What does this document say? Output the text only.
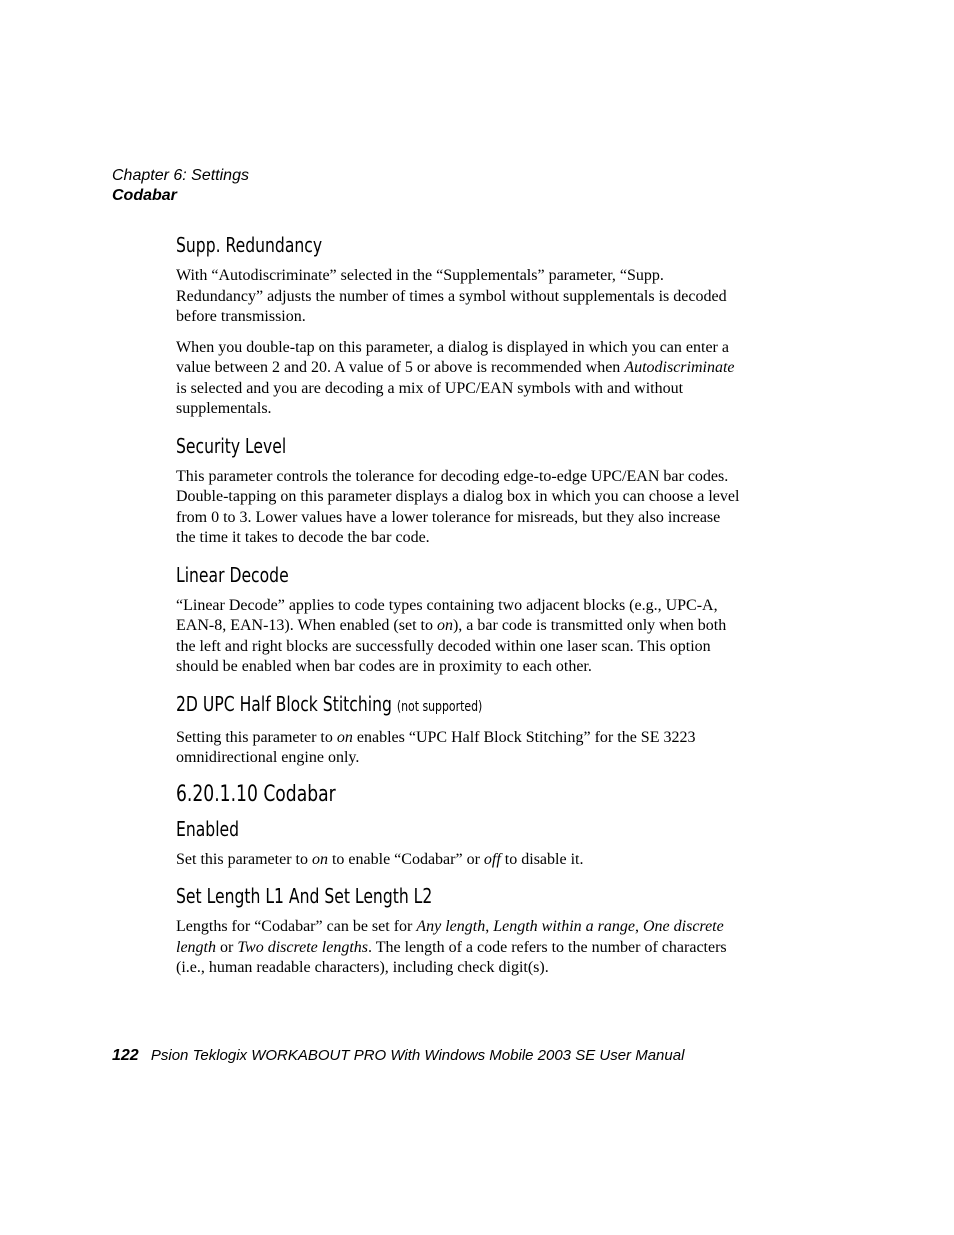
Chapter 6: Settings
Codabar
Supp. Redundancy

With “Autodiscriminate” selected in the “Supplementals” parameter, “Supp. Redundancy” adjusts the number of times a symbol without supplementals is decoded before transmission.

When you double-tap on this parameter, a dialog is displayed in which you can enter a value between 2 and 20. A value of 5 or above is recommended when Autodiscriminate is selected and you are decoding a mix of UPC/EAN symbols with and without supplementals.

Security Level

This parameter controls the tolerance for decoding edge-to-edge UPC/EAN bar codes. Double-tapping on this parameter displays a dialog box in which you can choose a level from 0 to 3. Lower values have a lower tolerance for misreads, but they also increase the time it takes to decode the bar code.

Linear Decode

“Linear Decode” applies to code types containing two adjacent blocks (e.g., UPC-A, EAN-8, EAN-13). When enabled (set to on), a bar code is transmitted only when both the left and right blocks are successfully decoded within one laser scan. This option should be enabled when bar codes are in proximity to each other.

2D UPC Half Block Stitching (not supported)

Setting this parameter to on enables “UPC Half Block Stitching” for the SE 3223 omnidirectional engine only.

6.20.1.10 Codabar
Enabled

Set this parameter to on to enable “Codabar” or off to disable it.

Set Length L1 And Set Length L2

Lengths for “Codabar” can be set for Any length, Length within a range, One discrete length or Two discrete lengths. The length of a code refers to the number of characters (i.e., human readable characters), including check digit(s).

122 Psion Teklogix WORKABOUT PRO With Windows Mobile 2003 SE User Manual
